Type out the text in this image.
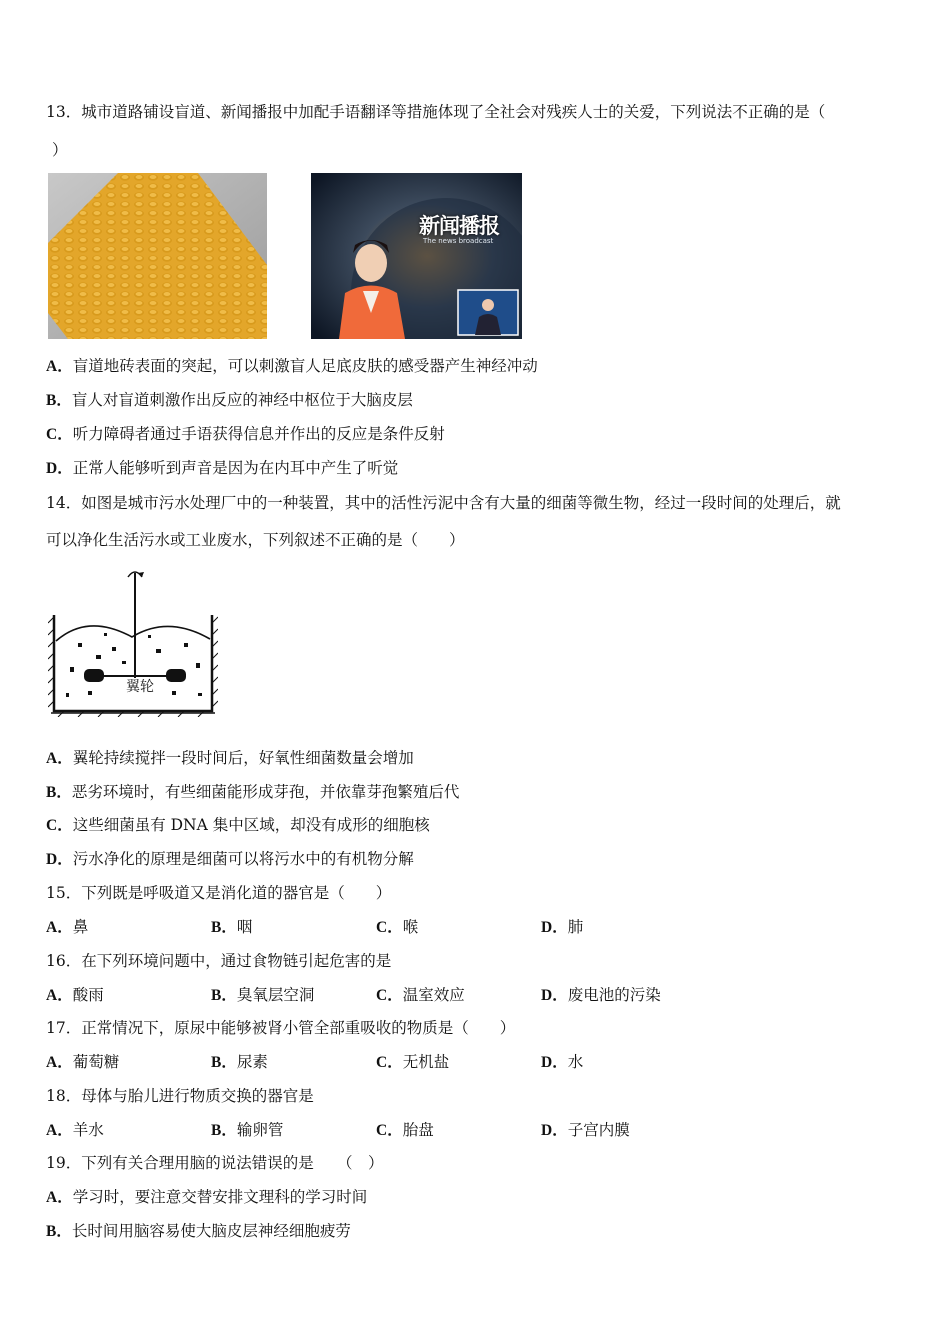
13．城市道路铺设盲道、新闻播报中加配手语翻译等措施体现了全社会对残疾人士的关爱，下列说法不正确的是（
）
新闻播报
The news broadcast
A．盲道地砖表面的突起，可以刺激盲人足底皮肤的感受器产生神经冲动
B．盲人对盲道刺激作出反应的神经中枢位于大脑皮层
C．听力障碍者通过手语获得信息并作出的反应是条件反射
D．正常人能够听到声音是因为在内耳中产生了听觉
14．如图是城市污水处理厂中的一种装置，其中的活性污泥中含有大量的细菌等微生物，经过一段时间的处理后，就
可以净化生活污水或工业废水，下列叙述不正确的是（　　）
翼轮
A．翼轮持续搅拌一段时间后，好氧性细菌数量会增加
B．恶劣环境时，有些细菌能形成芽孢，并依靠芽孢繁殖后代
C．这些细菌虽有 DNA 集中区域，却没有成形的细胞核
D．污水净化的原理是细菌可以将污水中的有机物分解
15．下列既是呼吸道又是消化道的器官是（　　）
A．鼻	B．咽	C．喉	D．肺
16．在下列环境问题中，通过食物链引起危害的是
A．酸雨	B．臭氧层空洞	C．温室效应	D．废电池的污染
17．正常情况下，原尿中能够被肾小管全部重吸收的物质是（　　）
A．葡萄糖	B．尿素	C．无机盐	D．水
18．母体与胎儿进行物质交换的器官是
A．羊水	B．输卵管	C．胎盘	D．子宫内膜
19．下列有关合理用脑的说法错误的是　　（　）
A．学习时，要注意交替安排文理科的学习时间
B．长时间用脑容易使大脑皮层神经细胞疲劳
